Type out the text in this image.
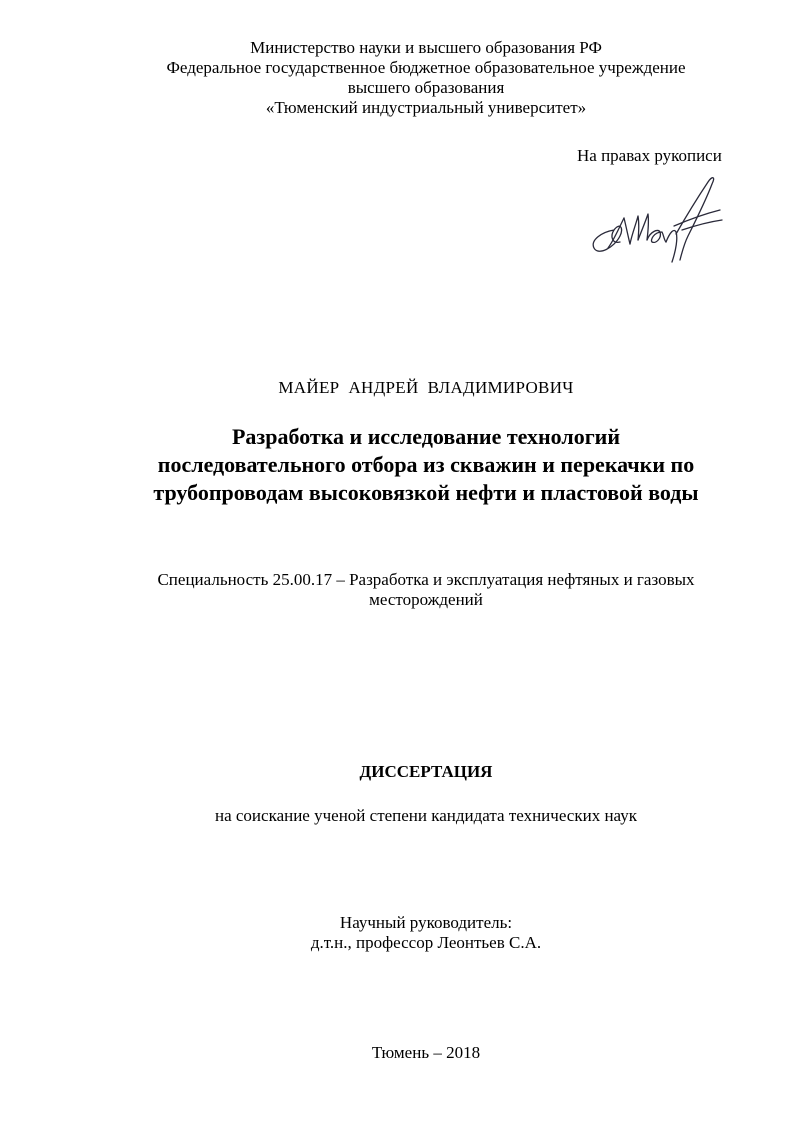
Министерство науки и высшего образования РФ
Федеральное государственное бюджетное образовательное учреждение
высшего образования
«Тюменский индустриальный университет»
На правах рукописи
МАЙЕР  АНДРЕЙ  ВЛАДИМИРОВИЧ
Разработка и исследование технологий
последовательного отбора из скважин и перекачки по
трубопроводам высоковязкой нефти и пластовой воды
Специальность 25.00.17 – Разработка и эксплуатация нефтяных и газовых
месторождений
ДИССЕРТАЦИЯ
на соискание ученой степени кандидата технических наук
Научный руководитель:
д.т.н., профессор Леонтьев С.А.
Тюмень – 2018
